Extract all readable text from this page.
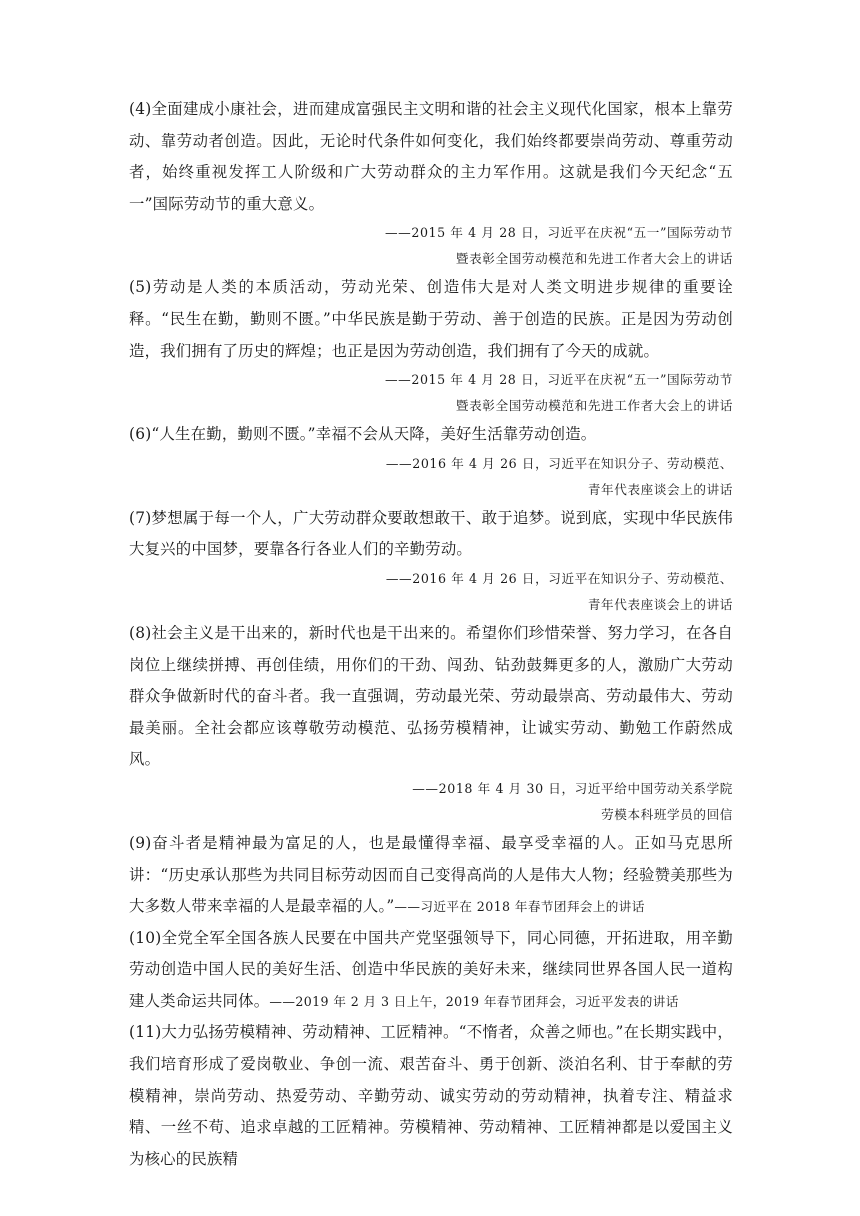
(4)全面建成小康社会，进而建成富强民主文明和谐的社会主义现代化国家，根本上靠劳动、靠劳动者创造。因此，无论时代条件如何变化，我们始终都要崇尚劳动、尊重劳动者，始终重视发挥工人阶级和广大劳动群众的主力军作用。这就是我们今天纪念“五一”国际劳动节的重大意义。

——2015 年 4 月 28 日，习近平在庆祝“五一”国际劳动节

暨表彰全国劳动模范和先进工作者大会上的讲话

(5)劳动是人类的本质活动，劳动光荣、创造伟大是对人类文明进步规律的重要诠释。“民生在勤，勤则不匮。”中华民族是勤于劳动、善于创造的民族。正是因为劳动创造，我们拥有了历史的辉煌；也正是因为劳动创造，我们拥有了今天的成就。

——2015 年 4 月 28 日，习近平在庆祝“五一”国际劳动节

暨表彰全国劳动模范和先进工作者大会上的讲话

(6)“人生在勤，勤则不匮。”幸福不会从天降，美好生活靠劳动创造。

——2016 年 4 月 26 日，习近平在知识分子、劳动模范、

青年代表座谈会上的讲话

(7)梦想属于每一个人，广大劳动群众要敢想敢干、敢于追梦。说到底，实现中华民族伟大复兴的中国梦，要靠各行各业人们的辛勤劳动。

——2016 年 4 月 26 日，习近平在知识分子、劳动模范、

青年代表座谈会上的讲话

(8)社会主义是干出来的，新时代也是干出来的。希望你们珍惜荣誉、努力学习，在各自岗位上继续拼搏、再创佳绩，用你们的干劲、闯劲、钻劲鼓舞更多的人，激励广大劳动群众争做新时代的奋斗者。我一直强调，劳动最光荣、劳动最崇高、劳动最伟大、劳动最美丽。全社会都应该尊敬劳动模范、弘扬劳模精神，让诚实劳动、勤勉工作蔚然成风。

——2018 年 4 月 30 日，习近平给中国劳动关系学院

劳模本科班学员的回信

(9)奋斗者是精神最为富足的人，也是最懂得幸福、最享受幸福的人。正如马克思所讲：“历史承认那些为共同目标劳动因而自己变得高尚的人是伟大人物；经验赞美那些为大多数人带来幸福的人是最幸福的人。”——习近平在 2018 年春节团拜会上的讲话

(10)全党全军全国各族人民要在中国共产党坚强领导下，同心同德，开拓进取，用辛勤劳动创造中国人民的美好生活、创造中华民族的美好未来，继续同世界各国人民一道构建人类命运共同体。——2019 年 2 月 3 日上午，2019 年春节团拜会，习近平发表的讲话

(11)大力弘扬劳模精神、劳动精神、工匠精神。“不惰者，众善之师也。”在长期实践中，我们培育形成了爱岗敬业、争创一流、艰苦奋斗、勇于创新、淡泊名利、甘于奉献的劳模精神，崇尚劳动、热爱劳动、辛勤劳动、诚实劳动的劳动精神，执着专注、精益求精、一丝不苟、追求卓越的工匠精神。劳模精神、劳动精神、工匠精神都是以爱国主义为核心的民族精
